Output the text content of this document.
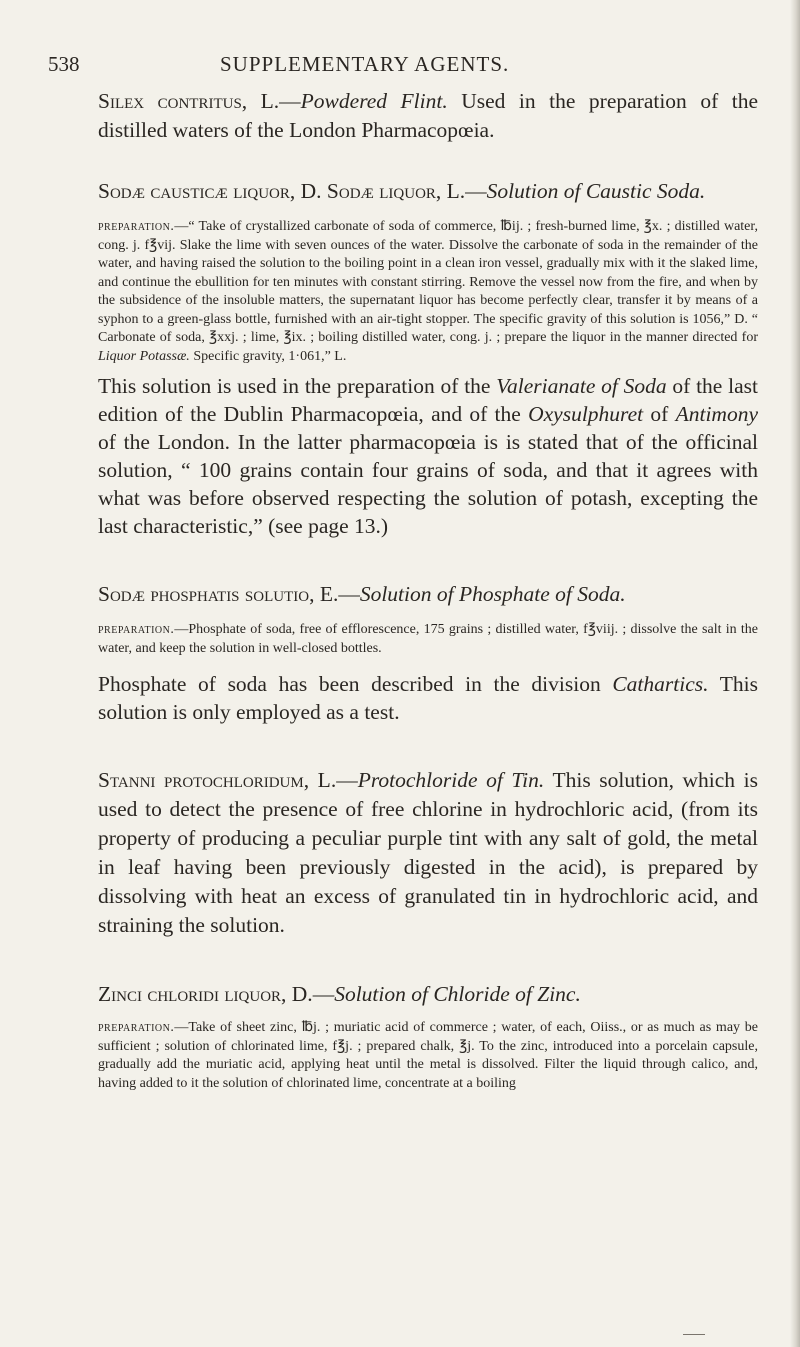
538	SUPPLEMENTARY AGENTS.

Silex contritus, L.—Powdered Flint. Used in the preparation of the distilled waters of the London Pharmacopœia.

Sodæ causticæ liquor, D. Sodæ liquor, L.—Solution of Caustic Soda.

preparation.—“ Take of crystallized carbonate of soda of commerce, ℔ij. ; fresh-burned lime, ℥x. ; distilled water, cong. j. f℥vij. Slake the lime with seven ounces of the water. Dissolve the carbonate of soda in the remainder of the water, and having raised the solution to the boiling point in a clean iron vessel, gradually mix with it the slaked lime, and continue the ebullition for ten minutes with constant stirring. Remove the vessel now from the fire, and when by the subsidence of the insoluble matters, the supernatant liquor has become perfectly clear, transfer it by means of a syphon to a green-glass bottle, furnished with an air-tight stopper. The specific gravity of this solution is 1056,” D. “ Carbonate of soda, ℥xxj. ; lime, ℥ix. ; boiling distilled water, cong. j. ; prepare the liquor in the manner directed for Liquor Potassæ. Specific gravity, 1·061,” L.

This solution is used in the preparation of the Valerianate of Soda of the last edition of the Dublin Pharmacopœia, and of the Oxysulphuret of Antimony of the London. In the latter pharmacopœia is is stated that of the officinal solution, “ 100 grains contain four grains of soda, and that it agrees with what was before observed respecting the solution of potash, excepting the last characteristic,” (see page 13.)

Sodæ phosphatis solutio, E.—Solution of Phosphate of Soda.

preparation.—Phosphate of soda, free of efflorescence, 175 grains ; distilled water, f℥viij. ; dissolve the salt in the water, and keep the solution in well-closed bottles.

Phosphate of soda has been described in the division Cathartics. This solution is only employed as a test.

Stanni protochloridum, L.—Protochloride of Tin. This solution, which is used to detect the presence of free chlorine in hydrochloric acid, (from its property of producing a peculiar purple tint with any salt of gold, the metal in leaf having been previously digested in the acid), is prepared by dissolving with heat an excess of granulated tin in hydrochloric acid, and straining the solution.

Zinci chloridi liquor, D.—Solution of Chloride of Zinc.

preparation.—Take of sheet zinc, ℔j. ; muriatic acid of commerce ; water, of each, Oiiss., or as much as may be sufficient ; solution of chlorinated lime, f℥j. ; prepared chalk, ℥j. To the zinc, introduced into a porcelain capsule, gradually add the muriatic acid, applying heat until the metal is dissolved. Filter the liquid through calico, and, having added to it the solution of chlorinated lime, concentrate at a boiling
